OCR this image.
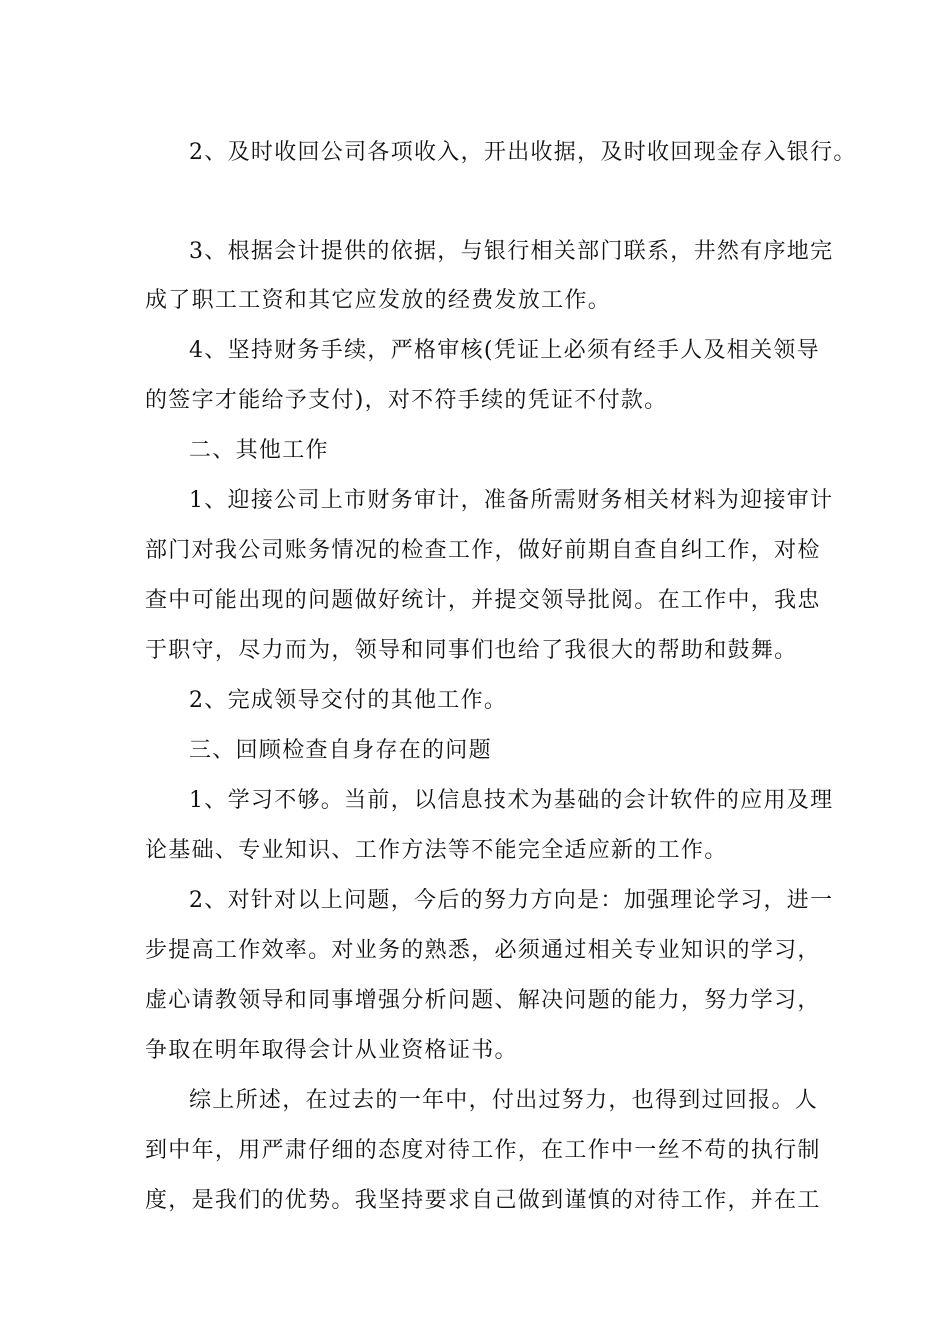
2、及时收回公司各项收入，开出收据，及时收回现金存入银行。
3、根据会计提供的依据，与银行相关部门联系，井然有序地完
成了职工工资和其它应发放的经费发放工作。
4、坚持财务手续，严格审核(凭证上必须有经手人及相关领导
的签字才能给予支付)，对不符手续的凭证不付款。
二、其他工作
1、迎接公司上市财务审计，准备所需财务相关材料为迎接审计
部门对我公司账务情况的检查工作，做好前期自查自纠工作，对检
查中可能出现的问题做好统计，并提交领导批阅。在工作中，我忠
于职守，尽力而为，领导和同事们也给了我很大的帮助和鼓舞。
2、完成领导交付的其他工作。
三、回顾检查自身存在的问题
1、学习不够。当前，以信息技术为基础的会计软件的应用及理
论基础、专业知识、工作方法等不能完全适应新的工作。
2、对针对以上问题，今后的努力方向是：加强理论学习，进一
步提高工作效率。对业务的熟悉，必须通过相关专业知识的学习，
虚心请教领导和同事增强分析问题、解决问题的能力，努力学习，
争取在明年取得会计从业资格证书。
综上所述，在过去的一年中，付出过努力，也得到过回报。人
到中年，用严肃仔细的态度对待工作，在工作中一丝不苟的执行制
度，是我们的优势。我坚持要求自己做到谨慎的对待工作，并在工
